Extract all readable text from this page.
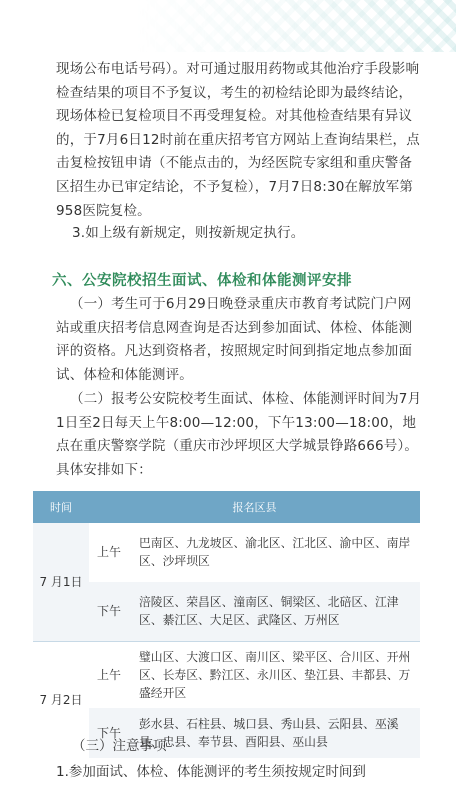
现场公布电话号码）。对可通过服用药物或其他治疗手段影响检查结果的项目不予复议，考生的初检结论即为最终结论，现场体检已复检项目不再受理复检。对其他检查结果有异议的，于7月6日12时前在重庆招考官方网站上查询结果栏，点击复检按钮申请（不能点击的，为经医院专家组和重庆警备区招生办已审定结论，不予复检），7月7日8:30在解放军第958医院复检。

3.如上级有新规定，则按新规定执行。

六、公安院校招生面试、体检和体能测评安排

（一）考生可于6月29日晚登录重庆市教育考试院门户网站或重庆招考信息网查询是否达到参加面试、体检、体能测评的资格。凡达到资格者，按照规定时间到指定地点参加面试、体检和体能测评。

（二）报考公安院校考生面试、体检、体能测评时间为7月1日至2日每天上午8:00—12:00，下午13:00—18:00，地点在重庆警察学院（重庆市沙坪坝区大学城景铮路666号）。具体安排如下：

时间	报名区县	
7 月1日	上午	巴南区、九龙坡区、渝北区、江北区、渝中区、南岸区、沙坪坝区
	下午	涪陵区、荣昌区、潼南区、铜梁区、北碚区、江津区、綦江区、大足区、武隆区、万州区
7 月2日	上午	璧山区、大渡口区、南川区、梁平区、合川区、开州区、长寿区、黔江区、永川区、垫江县、丰都县、万盛经开区
	下午	彭水县、石柱县、城口县、秀山县、云阳县、巫溪县、忠县、奉节县、酉阳县、巫山县

（三）注意事项

1.参加面试、体检、体能测评的考生须按规定时间到
